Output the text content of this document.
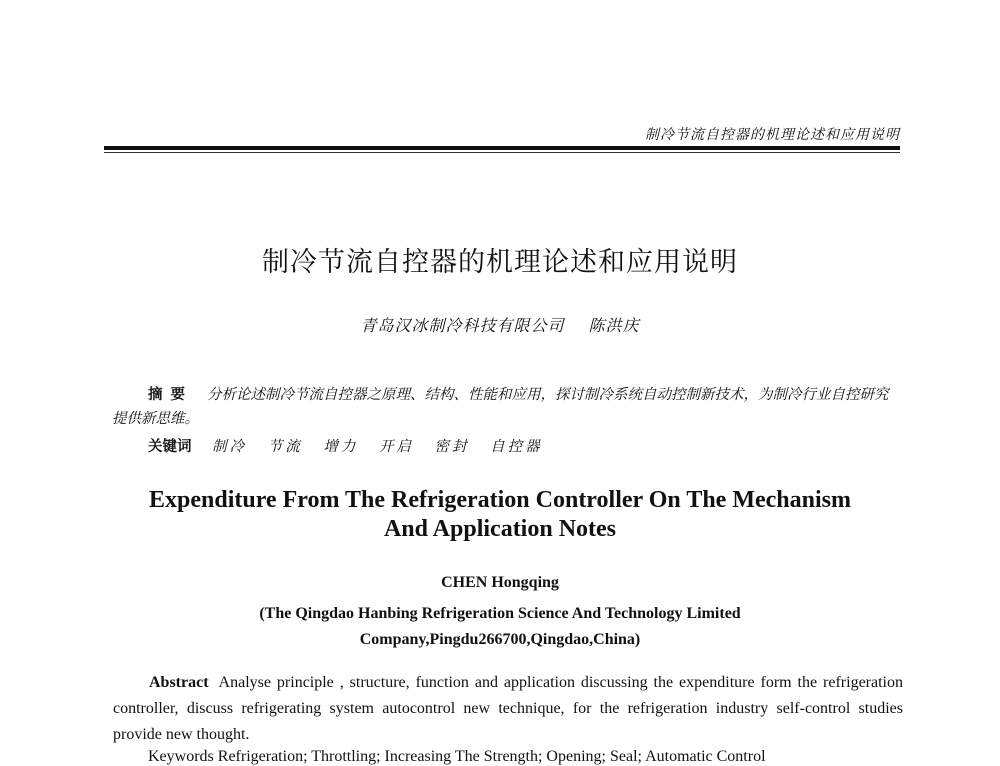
制冷节流自控器的机理论述和应用说明
制冷节流自控器的机理论述和应用说明
青岛汉冰制冷科技有限公司 陈洪庆
摘要 分析论述制冷节流自控器之原理、结构、性能和应用，探讨制冷系统自动控制新技术，为制冷行业自控研究提供新思维。
关键词 制冷 节流 增力 开启 密封 自控器
Expenditure From The Refrigeration Controller On The Mechanism
And Application Notes
CHEN Hongqing
(The Qingdao Hanbing Refrigeration Science And Technology Limited
Company,Pingdu266700,Qingdao,China)
Abstract Analyse principle , structure, function and application discussing the expenditure form the refrigeration controller, discuss refrigerating system autocontrol new technique, for the refrigeration industry self-control studies provide new thought.
Keywords Refrigeration; Throttling; Increasing The Strength; Opening; Seal; Automatic Control
